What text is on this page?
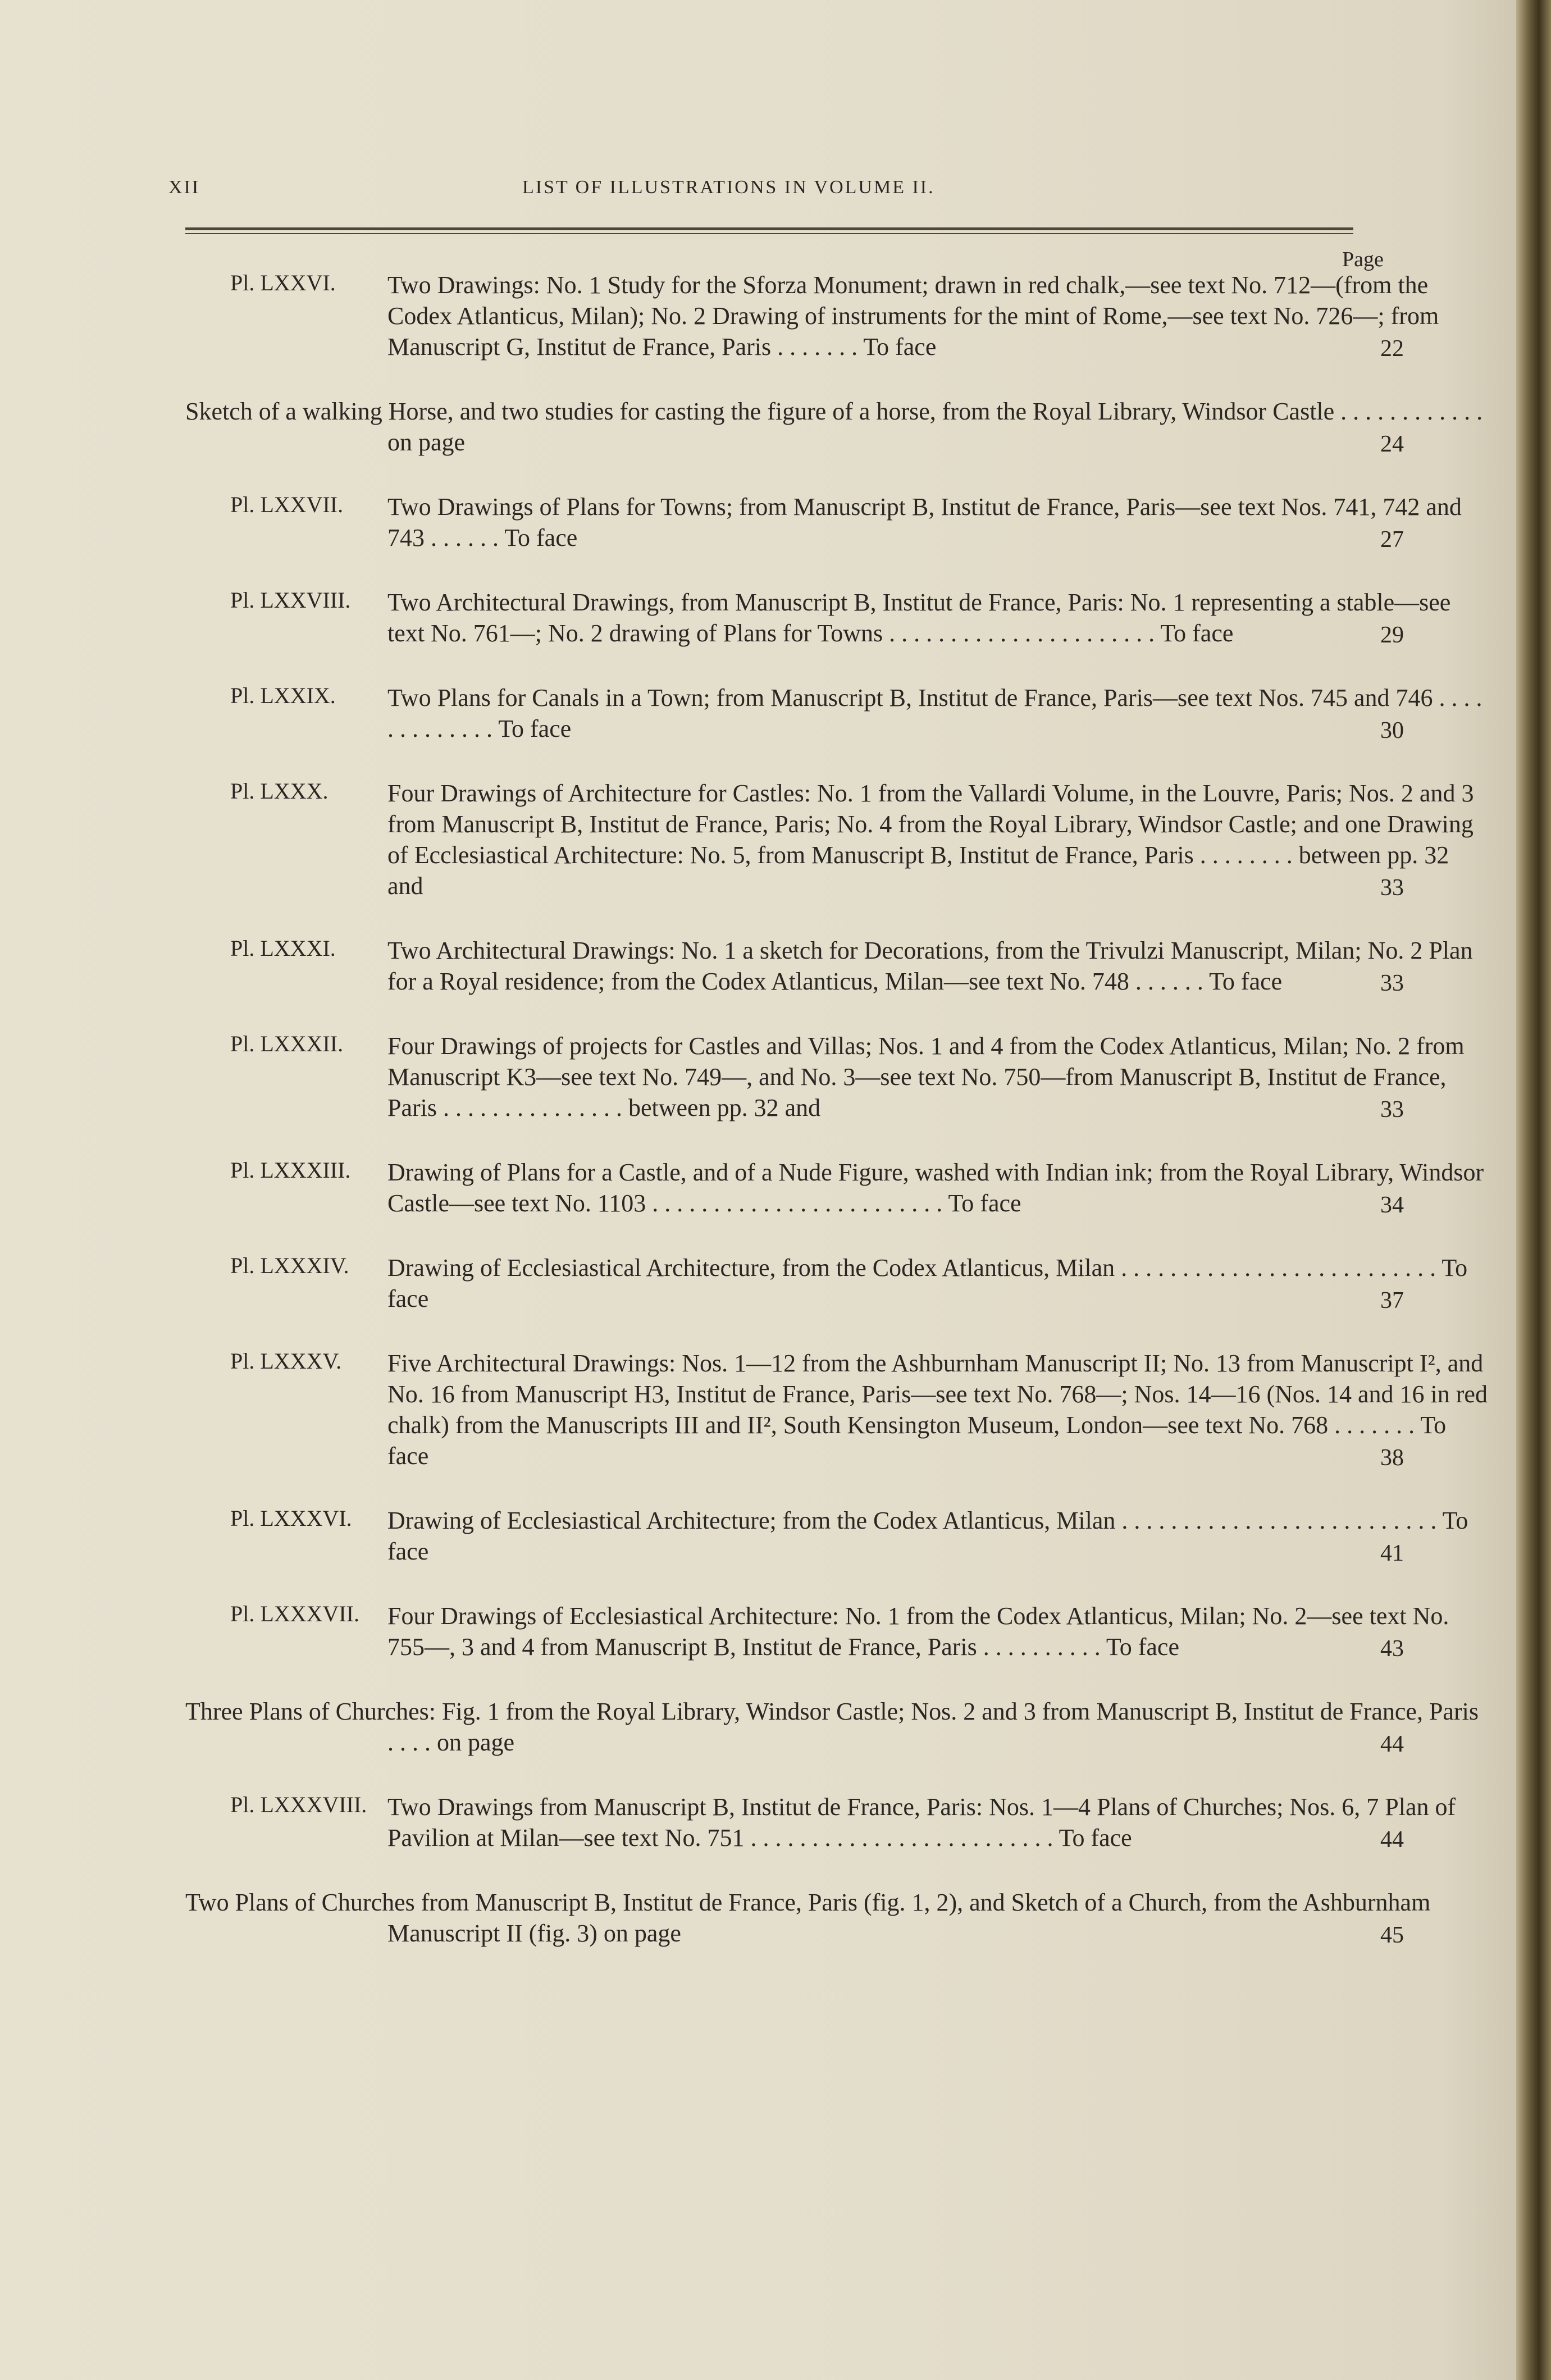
XII	LIST OF ILLUSTRATIONS IN VOLUME II.
Page
Pl. LXXVI.	Two Drawings: No. 1 Study for the Sforza Monument; drawn in red chalk,—see text No. 712—(from the Codex Atlanticus, Milan); No. 2 Drawing of instruments for the mint of Rome,—see text No. 726—; from Manuscript G, Institut de France, Paris . . . . . . . To face	22
Sketch of a walking Horse, and two studies for casting the figure of a horse, from the Royal Library, Windsor Castle . . . . . . . . . . . . on page	24
Pl. LXXVII.	Two Drawings of Plans for Towns; from Manuscript B, Institut de France, Paris—see text Nos. 741, 742 and 743 . . . . . . To face	27
Pl. LXXVIII.	Two Architectural Drawings, from Manuscript B, Institut de France, Paris: No. 1 representing a stable—see text No. 761—; No. 2 drawing of Plans for Towns . . . . . . . . . . . . . . . . . . . . . . To face	29
Pl. LXXIX.	Two Plans for Canals in a Town; from Manuscript B, Institut de France, Paris—see text Nos. 745 and 746 . . . . . . . . . . . . . To face	30
Pl. LXXX.	Four Drawings of Architecture for Castles: No. 1 from the Vallardi Volume, in the Louvre, Paris; Nos. 2 and 3 from Manuscript B, Institut de France, Paris; No. 4 from the Royal Library, Windsor Castle; and one Drawing of Ecclesiastical Architecture: No. 5, from Manuscript B, Institut de France, Paris . . . . . . . . between pp. 32 and	33
Pl. LXXXI.	Two Architectural Drawings: No. 1 a sketch for Decorations, from the Trivulzi Manuscript, Milan; No. 2 Plan for a Royal residence; from the Codex Atlanticus, Milan—see text No. 748 . . . . . . To face	33
Pl. LXXXII.	Four Drawings of projects for Castles and Villas; Nos. 1 and 4 from the Codex Atlanticus, Milan; No. 2 from Manuscript K3—see text No. 749—, and No. 3—see text No. 750—from Manuscript B, Institut de France, Paris . . . . . . . . . . . . . . . between pp. 32 and	33
Pl. LXXXIII.	Drawing of Plans for a Castle, and of a Nude Figure, washed with Indian ink; from the Royal Library, Windsor Castle—see text No. 1103 . . . . . . . . . . . . . . . . . . . . . . . . To face	34
Pl. LXXXIV.	Drawing of Ecclesiastical Architecture, from the Codex Atlanticus, Milan . . . . . . . . . . . . . . . . . . . . . . . . . . To face	37
Pl. LXXXV.	Five Architectural Drawings: Nos. 1—12 from the Ashburnham Manuscript II; No. 13 from Manuscript I², and No. 16 from Manuscript H3, Institut de France, Paris—see text No. 768—; Nos. 14—16 (Nos. 14 and 16 in red chalk) from the Manuscripts III and II², South Kensington Museum, London—see text No. 768 . . . . . . . To face	38
Pl. LXXXVI.	Drawing of Ecclesiastical Architecture; from the Codex Atlanticus, Milan . . . . . . . . . . . . . . . . . . . . . . . . . . To face	41
Pl. LXXXVII.	Four Drawings of Ecclesiastical Architecture: No. 1 from the Codex Atlanticus, Milan; No. 2—see text No. 755—, 3 and 4 from Manuscript B, Institut de France, Paris . . . . . . . . . . To face	43
Three Plans of Churches: Fig. 1 from the Royal Library, Windsor Castle; Nos. 2 and 3 from Manuscript B, Institut de France, Paris . . . . on page	44
Pl. LXXXVIII. Two Drawings from Manuscript B, Institut de France, Paris: Nos. 1—4 Plans of Churches; Nos. 6, 7 Plan of Pavilion at Milan—see text No. 751 . . . . . . . . . . . . . . . . . . . . . . . . . To face	44
Two Plans of Churches from Manuscript B, Institut de France, Paris (fig. 1, 2), and Sketch of a Church, from the Ashburnham Manuscript II (fig. 3) on page	45
